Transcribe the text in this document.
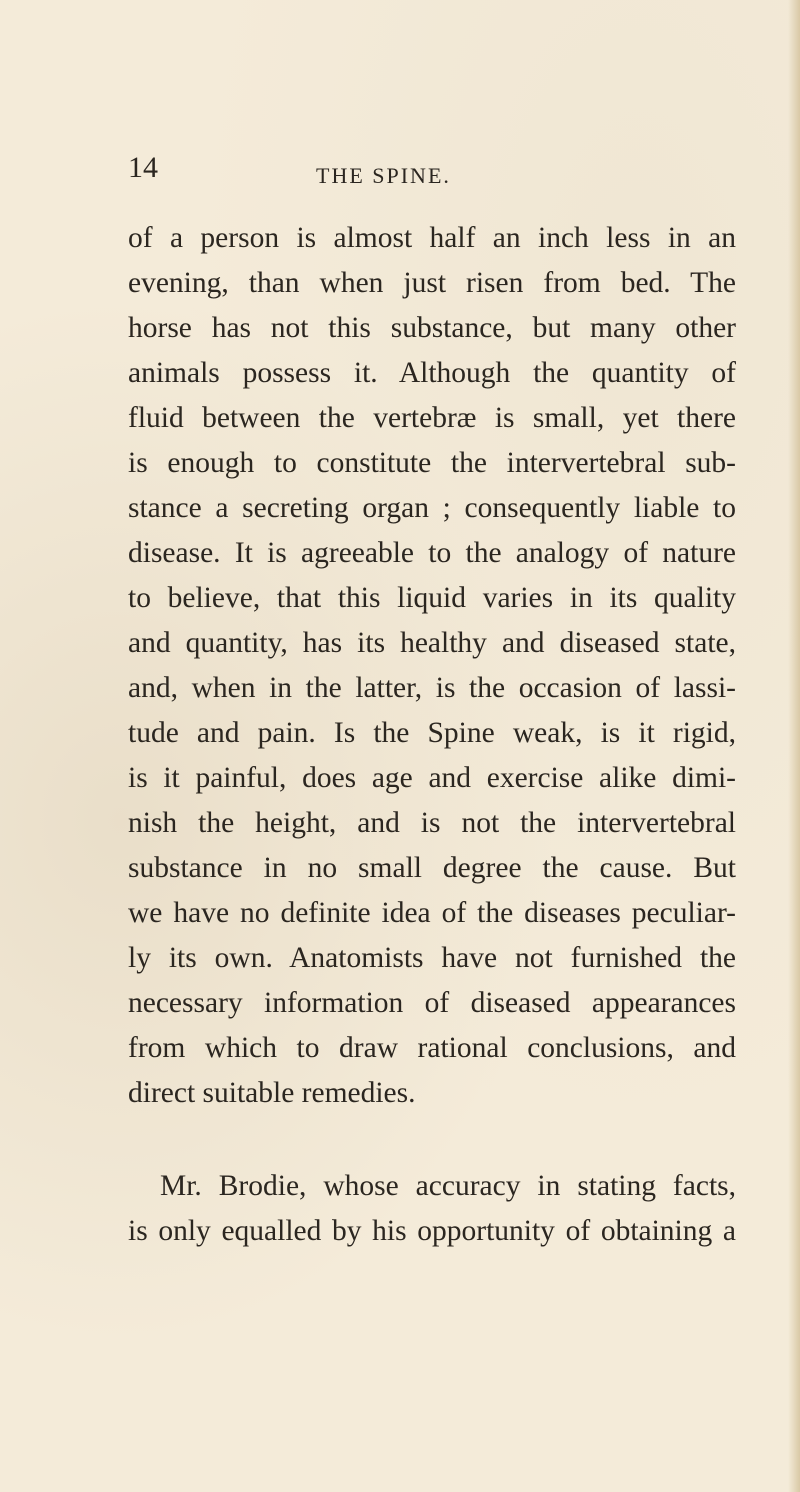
14	THE SPINE.
of a person is almost half an inch less in an
evening, than when just risen from bed. The
horse has not this substance, but many other
animals possess it. Although the quantity of
fluid between the vertebræ is small, yet there
is enough to constitute the intervertebral sub-
stance a secreting organ ; consequently liable to
disease. It is agreeable to the analogy of nature
to believe, that this liquid varies in its quality
and quantity, has its healthy and diseased state,
and, when in the latter, is the occasion of lassi-
tude and pain. Is the Spine weak, is it rigid,
is it painful, does age and exercise alike dimi-
nish the height, and is not the intervertebral
substance in no small degree the cause. But
we have no definite idea of the diseases peculiar-
ly its own. Anatomists have not furnished the
necessary information of diseased appearances
from which to draw rational conclusions, and
direct suitable remedies.
Mr. Brodie, whose accuracy in stating facts,
is only equalled by his opportunity of obtaining a
